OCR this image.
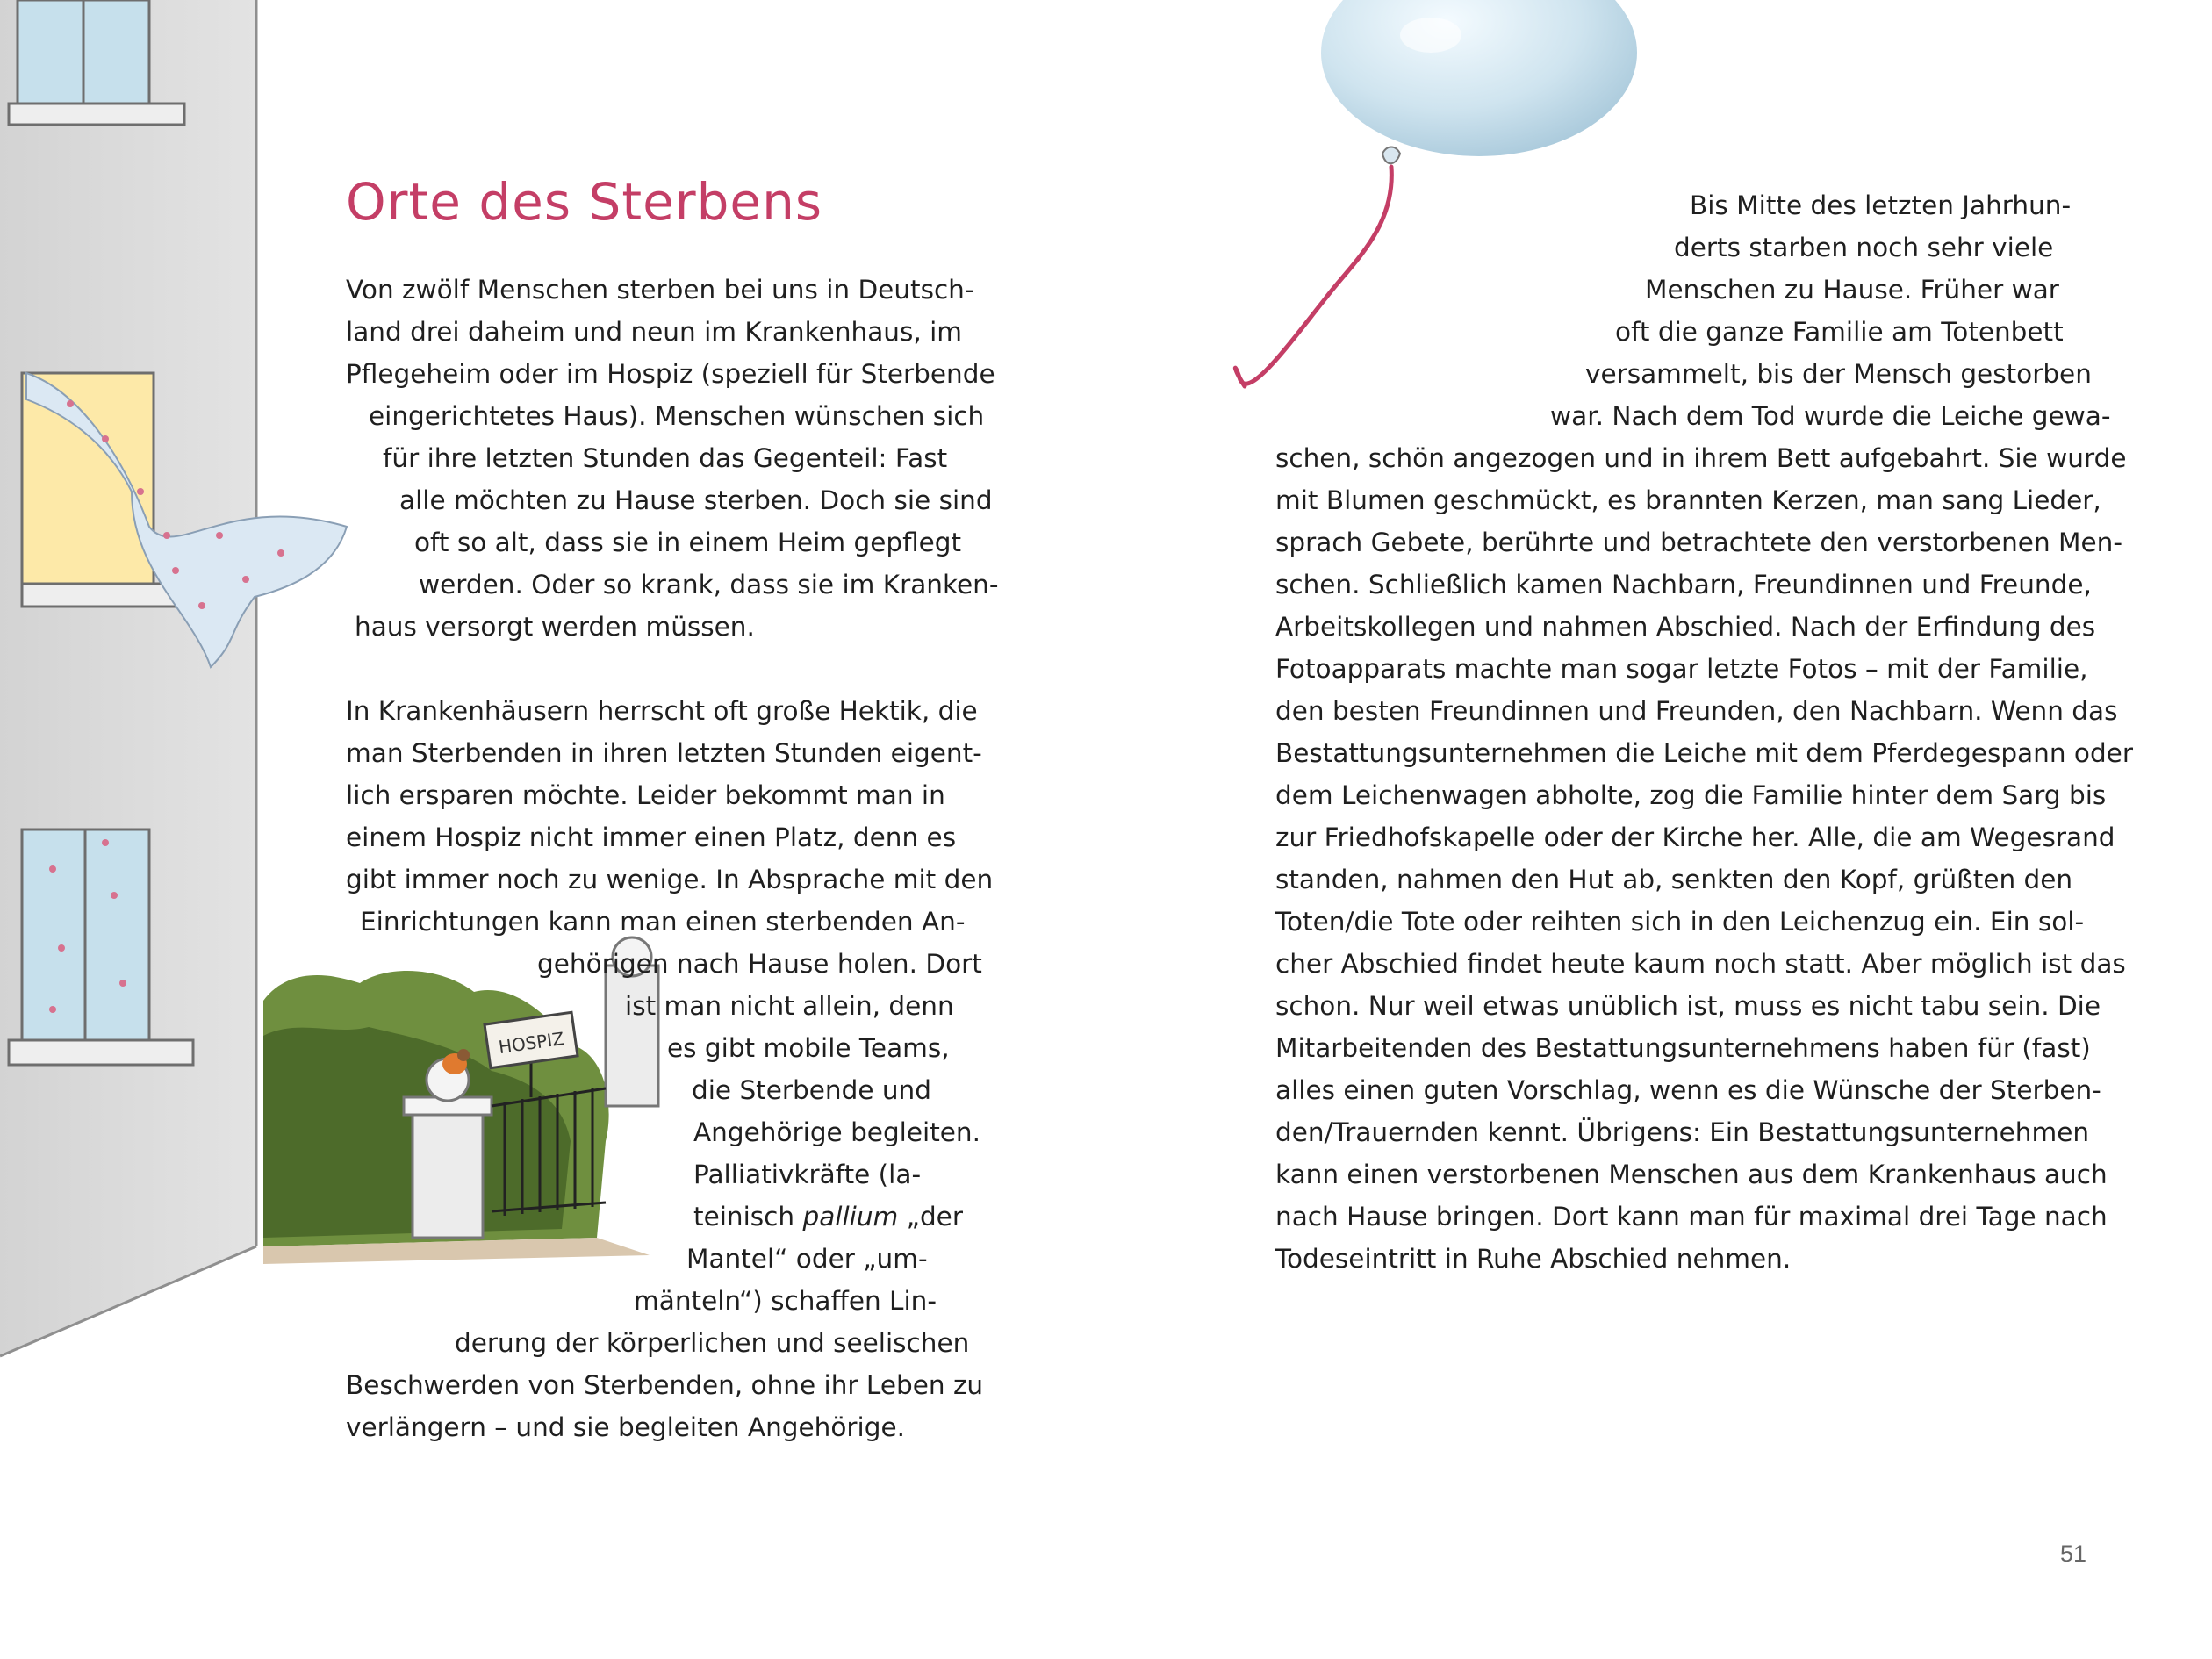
HOSPIZ
Orte des Sterbens
Von zwölf Menschen sterben bei uns in Deutsch-
land drei daheim und neun im Krankenhaus, im
Pflegeheim oder im Hospiz (speziell für Sterbende
eingerichtetes Haus). Menschen wünschen sich
für ihre letzten Stunden das Gegenteil: Fast
alle möchten zu Hause sterben. Doch sie sind
oft so alt, dass sie in einem Heim gepflegt
werden. Oder so krank, dass sie im Kranken-
haus versorgt werden müssen.
In Krankenhäusern herrscht oft große Hektik, die
man Sterbenden in ihren letzten Stunden eigent-
lich ersparen möchte. Leider bekommt man in
einem Hospiz nicht immer einen Platz, denn es
gibt immer noch zu wenige. In Absprache mit den
Einrichtungen kann man einen sterbenden An-
gehörigen nach Hause holen. Dort
ist man nicht allein, denn
es gibt mobile Teams,
die Sterbende und
Angehörige begleiten.
Palliativkräfte (la-
teinisch pallium „der
Mantel“ oder „um-
mänteln“) schaffen Lin-
derung der körperlichen und seelischen
Beschwerden von Sterbenden, ohne ihr Leben zu
verlängern – und sie begleiten Angehörige.
Bis Mitte des letzten Jahrhun-
derts starben noch sehr viele
Menschen zu Hause. Früher war
oft die ganze Familie am Totenbett
versammelt, bis der Mensch gestorben
war. Nach dem Tod wurde die Leiche gewa-
schen, schön angezogen und in ihrem Bett aufgebahrt. Sie wurde
mit Blumen geschmückt, es brannten Kerzen, man sang Lieder,
sprach Gebete, berührte und betrachtete den verstorbenen Men-
schen. Schließlich kamen Nachbarn, Freundinnen und Freunde,
Arbeitskollegen und nahmen Abschied. Nach der Erfindung des
Fotoapparats machte man sogar letzte Fotos – mit der Familie,
den besten Freundinnen und Freunden, den Nachbarn. Wenn das
Bestattungsunternehmen die Leiche mit dem Pferdegespann oder
dem Leichenwagen abholte, zog die Familie hinter dem Sarg bis
zur Friedhofskapelle oder der Kirche her. Alle, die am Wegesrand
standen, nahmen den Hut ab, senkten den Kopf, grüßten den
Toten/die Tote oder reihten sich in den Leichenzug ein. Ein sol-
cher Abschied findet heute kaum noch statt. Aber möglich ist das
schon. Nur weil etwas unüblich ist, muss es nicht tabu sein. Die
Mitarbeitenden des Bestattungsunternehmens haben für (fast)
alles einen guten Vorschlag, wenn es die Wünsche der Sterben-
den/Trauernden kennt. Übrigens: Ein Bestattungsunternehmen
kann einen verstorbenen Menschen aus dem Krankenhaus auch
nach Hause bringen. Dort kann man für maximal drei Tage nach
Todeseintritt in Ruhe Abschied nehmen.
51
